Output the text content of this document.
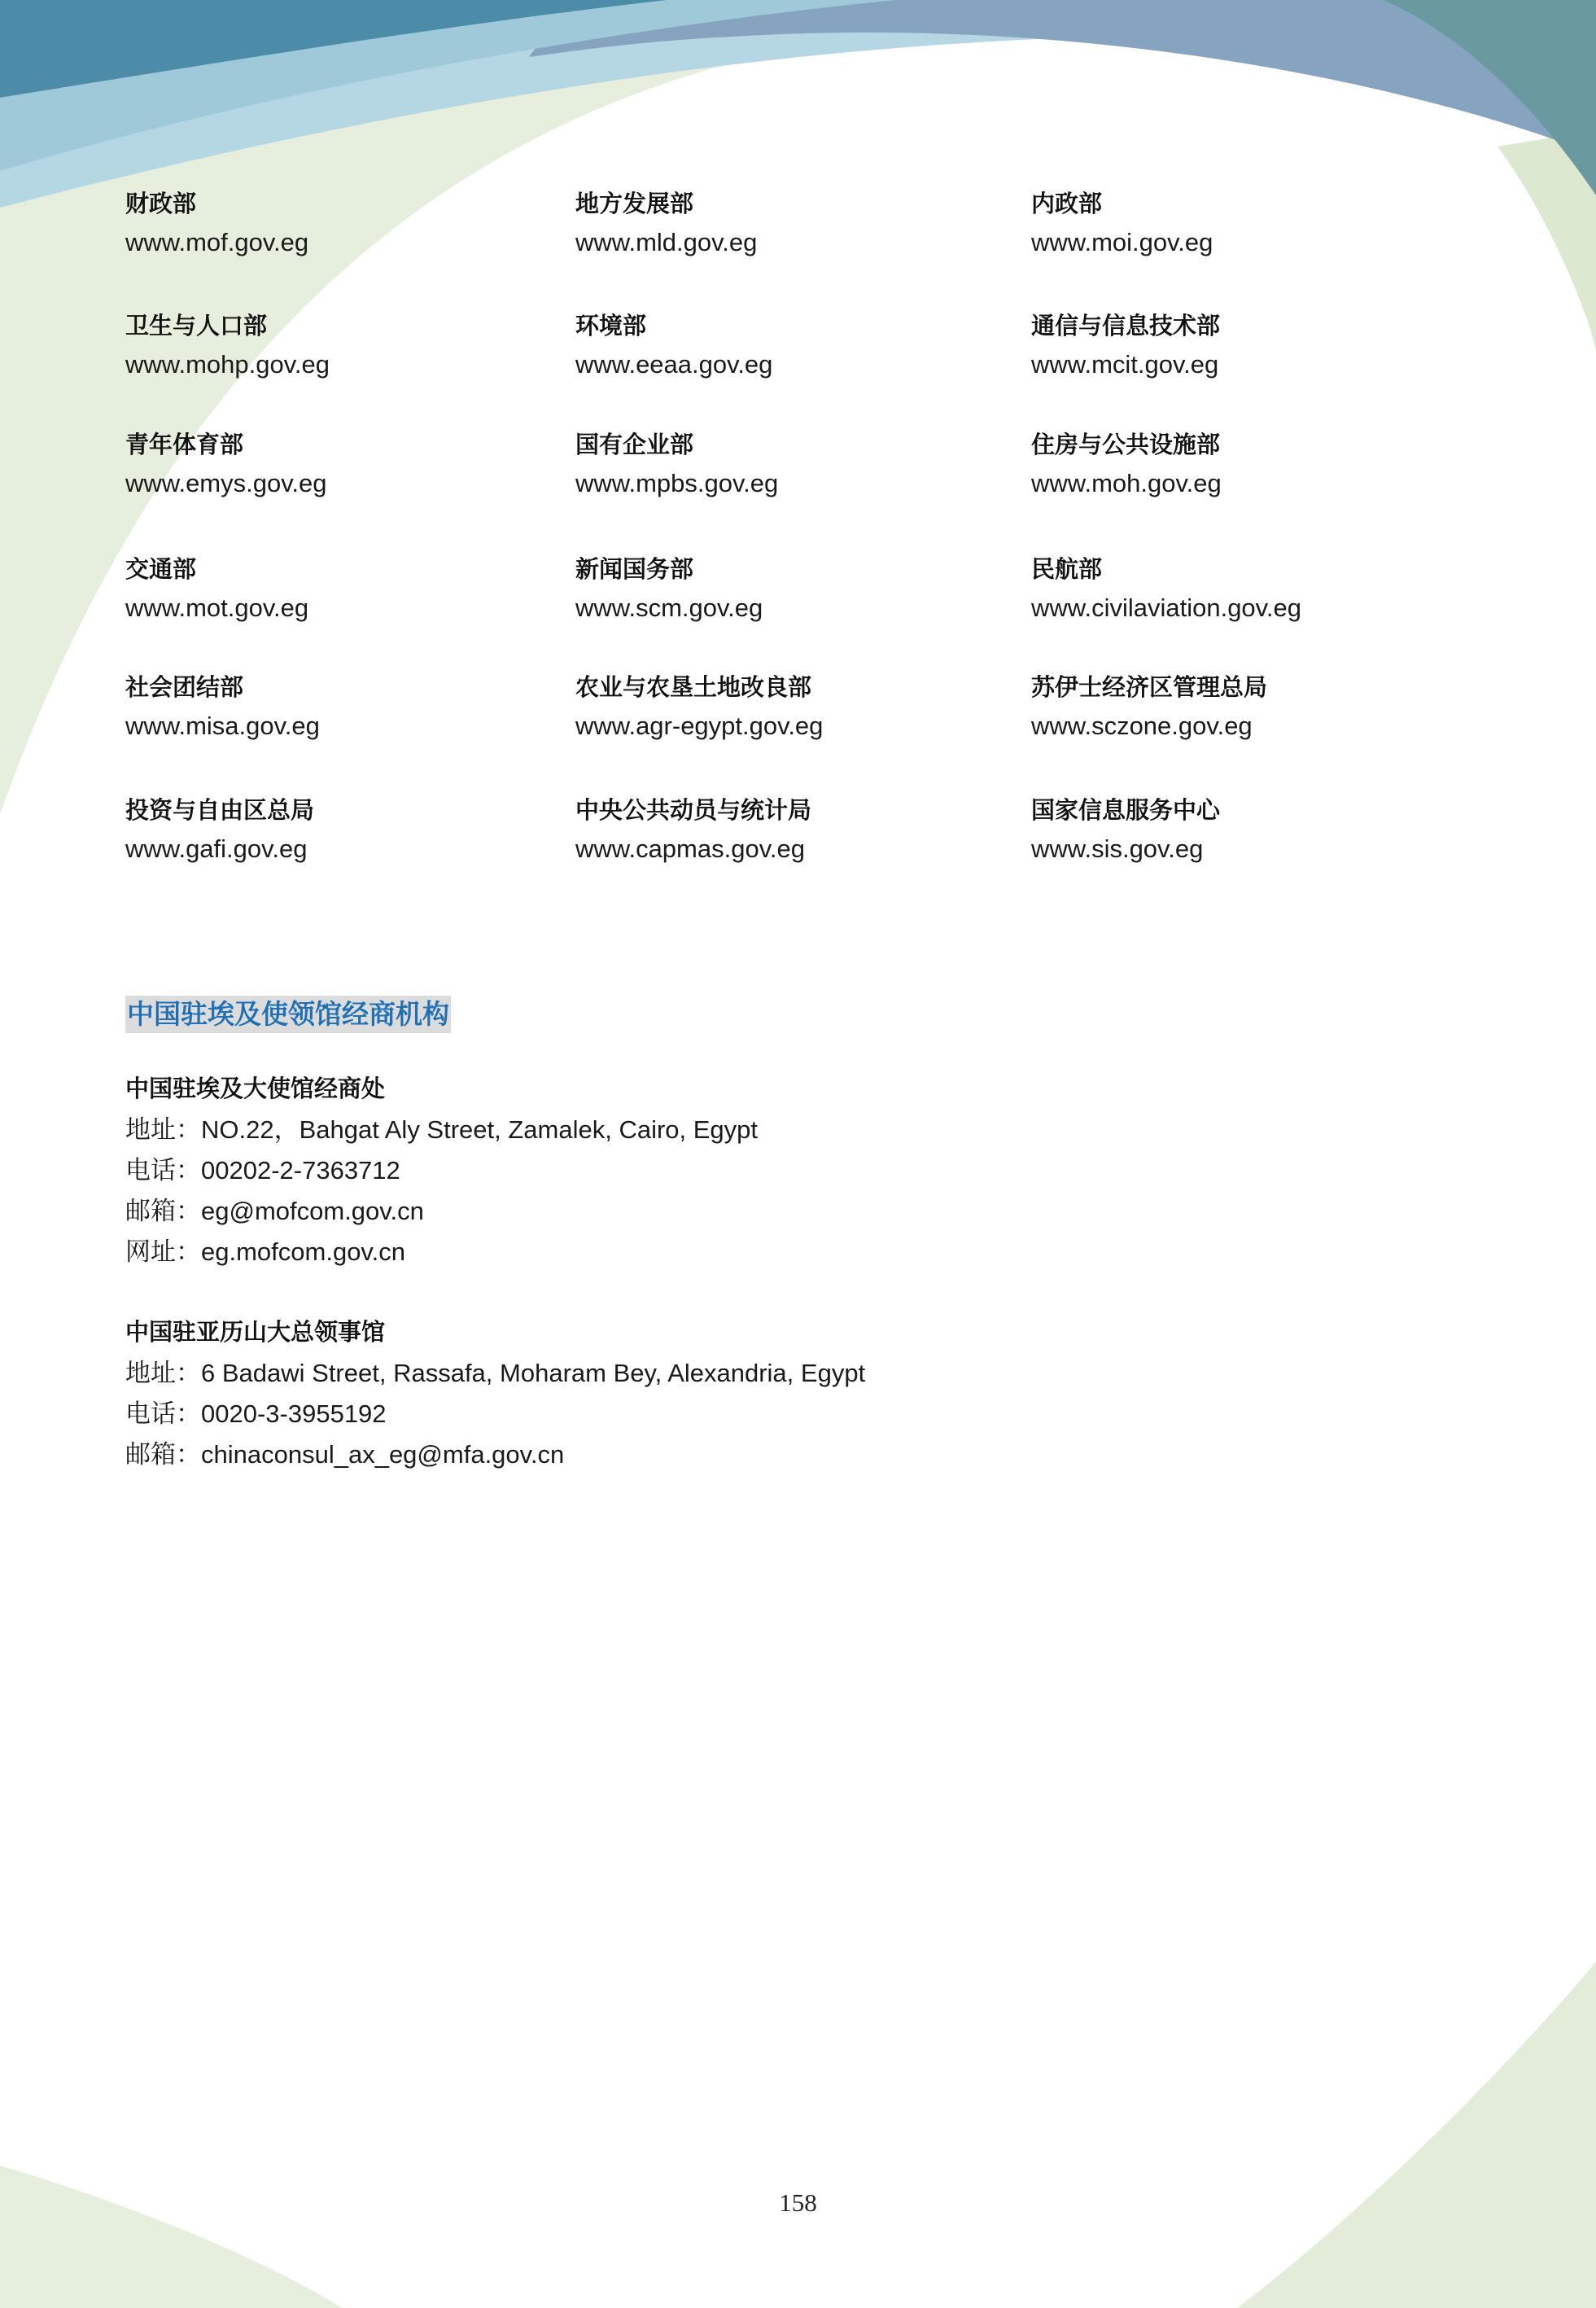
财政部
www.mof.gov.eg
地方发展部
www.mld.gov.eg
内政部
www.moi.gov.eg
卫生与人口部
www.mohp.gov.eg
环境部
www.eeaa.gov.eg
通信与信息技术部
www.mcit.gov.eg
青年体育部
www.emys.gov.eg
国有企业部
www.mpbs.gov.eg
住房与公共设施部
www.moh.gov.eg
交通部
www.mot.gov.eg
新闻国务部
www.scm.gov.eg
民航部
www.civilaviation.gov.eg
社会团结部
www.misa.gov.eg
农业与农垦土地改良部
www.agr-egypt.gov.eg
苏伊士经济区管理总局
www.sczone.gov.eg
投资与自由区总局
www.gafi.gov.eg
中央公共动员与统计局
www.capmas.gov.eg
国家信息服务中心
www.sis.gov.eg
中国驻埃及使领馆经商机构
中国驻埃及大使馆经商处
地址：NO.22，Bahgat Aly Street, Zamalek, Cairo, Egypt
电话：00202-2-7363712
邮箱：eg@mofcom.gov.cn
网址：eg.mofcom.gov.cn
中国驻亚历山大总领事馆
地址：6 Badawi Street, Rassafa, Moharam Bey, Alexandria, Egypt
电话：0020-3-3955192
邮箱：chinaconsul_ax_eg@mfa.gov.cn
158
